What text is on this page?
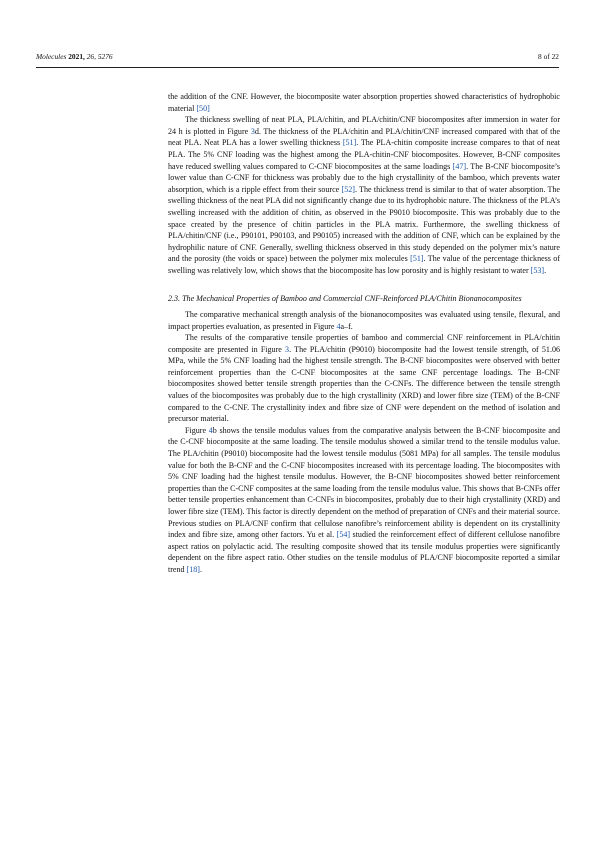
Molecules 2021, 26, 5276	8 of 22

the addition of the CNF. However, the biocomposite water absorption properties showed characteristics of hydrophobic material [50]

The thickness swelling of neat PLA, PLA/chitin, and PLA/chitin/CNF biocomposites after immersion in water for 24 h is plotted in Figure 3d. The thickness of the PLA/chitin and PLA/chitin/CNF increased compared with that of the neat PLA. Neat PLA has a lower swelling thickness [51]. The PLA-chitin composite increase compares to that of neat PLA. The 5% CNF loading was the highest among the PLA-chitin-CNF biocomposites. However, B-CNF composites have reduced swelling values compared to C-CNF biocomposites at the same loadings [47]. The B-CNF biocomposite’s lower value than C-CNF for thickness was probably due to the high crystallinity of the bamboo, which prevents water absorption, which is a ripple effect from their source [52]. The thickness trend is similar to that of water absorption. The swelling thickness of the neat PLA did not significantly change due to its hydrophobic nature. The thickness of the PLA’s swelling increased with the addition of chitin, as observed in the P9010 biocomposite. This was probably due to the space created by the presence of chitin particles in the PLA matrix. Furthermore, the swelling thickness of PLA/chitin/CNF (i.e., P90101, P90103, and P90105) increased with the addition of CNF, which can be explained by the hydrophilic nature of CNF. Generally, swelling thickness observed in this study depended on the polymer mix’s nature and the porosity (the voids or space) between the polymer mix molecules [51]. The value of the percentage thickness of swelling was relatively low, which shows that the biocomposite has low porosity and is highly resistant to water [53].

2.3. The Mechanical Properties of Bamboo and Commercial CNF-Reinforced PLA/Chitin Bionanocomposites

The comparative mechanical strength analysis of the bionanocomposites was evaluated using tensile, flexural, and impact properties evaluation, as presented in Figure 4a–f.

The results of the comparative tensile properties of bamboo and commercial CNF reinforcement in PLA/chitin composite are presented in Figure 3. The PLA/chitin (P9010) biocomposite had the lowest tensile strength, of 51.06 MPa, while the 5% CNF loading had the highest tensile strength. The B-CNF biocomposites were observed with better reinforcement properties than the C-CNF biocomposites at the same CNF percentage loadings. The B-CNF biocomposites showed better tensile strength properties than the C-CNFs. The difference between the tensile strength values of the biocomposites was probably due to the high crystallinity (XRD) and lower fibre size (TEM) of the B-CNF compared to the C-CNF. The crystallinity index and fibre size of CNF were dependent on the method of isolation and precursor material.

Figure 4b shows the tensile modulus values from the comparative analysis between the B-CNF biocomposite and the C-CNF biocomposite at the same loading. The tensile modulus showed a similar trend to the tensile modulus value. The PLA/chitin (P9010) biocomposite had the lowest tensile modulus (5081 MPa) for all samples. The tensile modulus value for both the B-CNF and the C-CNF biocomposites increased with its percentage loading. The biocomposites with 5% CNF loading had the highest tensile modulus. However, the B-CNF biocomposites showed better reinforcement properties than the C-CNF composites at the same loading from the tensile modulus value. This shows that B-CNFs offer better tensile properties enhancement than C-CNFs in biocomposites, probably due to their high crystallinity (XRD) and lower fibre size (TEM). This factor is directly dependent on the method of preparation of CNFs and their material source. Previous studies on PLA/CNF confirm that cellulose nanofibre’s reinforcement ability is dependent on its crystallinity index and fibre size, among other factors. Yu et al. [54] studied the reinforcement effect of different cellulose nanofibre aspect ratios on polylactic acid. The resulting composite showed that its tensile modulus properties were significantly dependent on the fibre aspect ratio. Other studies on the tensile modulus of PLA/CNF biocomposite reported a similar trend [18].
